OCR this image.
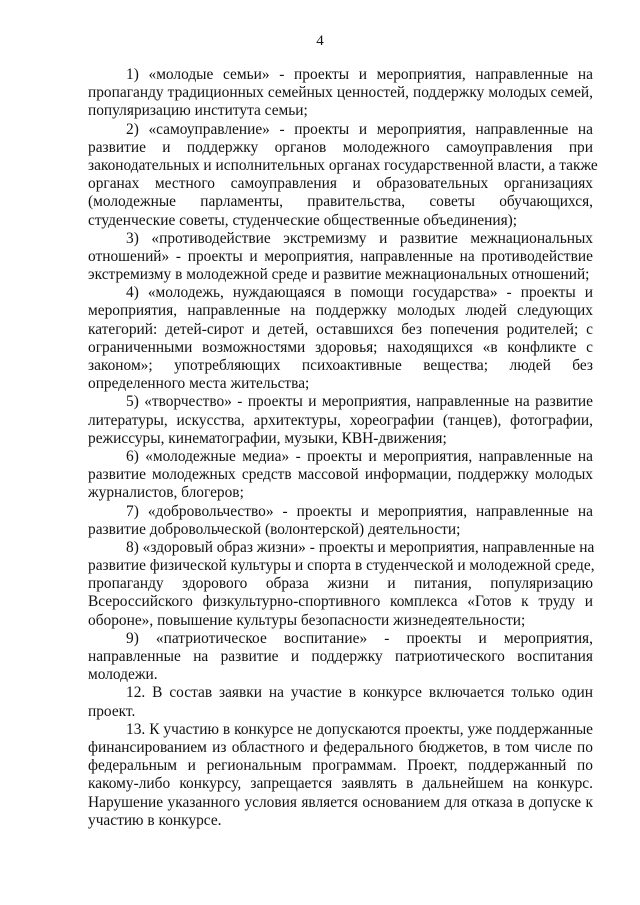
4
1) «молодые семьи» - проекты и мероприятия, направленные на
пропаганду традиционных семейных ценностей, поддержку молодых семей,
популяризацию института семьи;
2) «самоуправление» - проекты и мероприятия, направленные на
развитие и поддержку органов молодежного самоуправления при
законодательных и исполнительных органах государственной власти, а также
органах местного самоуправления и образовательных организациях
(молодежные парламенты, правительства, советы обучающихся,
студенческие советы, студенческие общественные объединения);
3) «противодействие экстремизму и развитие межнациональных
отношений» - проекты и мероприятия, направленные на противодействие
экстремизму в молодежной среде и развитие межнациональных отношений;
4) «молодежь, нуждающаяся в помощи государства» - проекты и
мероприятия, направленные на поддержку молодых людей следующих
категорий: детей-сирот и детей, оставшихся без попечения родителей; с
ограниченными возможностями здоровья; находящихся «в конфликте с
законом»; употребляющих психоактивные вещества; людей без
определенного места жительства;
5) «творчество» - проекты и мероприятия, направленные на развитие
литературы, искусства, архитектуры, хореографии (танцев), фотографии,
режиссуры, кинематографии, музыки, КВН-движения;
6) «молодежные медиа» - проекты и мероприятия, направленные на
развитие молодежных средств массовой информации, поддержку молодых
журналистов, блогеров;
7) «добровольчество» - проекты и мероприятия, направленные на
развитие добровольческой (волонтерской) деятельности;
8) «здоровый образ жизни» - проекты и мероприятия, направленные на
развитие физической культуры и спорта в студенческой и молодежной среде,
пропаганду здорового образа жизни и питания, популяризацию
Всероссийского физкультурно-спортивного комплекса «Готов к труду и
обороне», повышение культуры безопасности жизнедеятельности;
9) «патриотическое воспитание» - проекты и мероприятия,
направленные на развитие и поддержку патриотического воспитания
молодежи.
12. В состав заявки на участие в конкурсе включается только один
проект.
13. К участию в конкурсе не допускаются проекты, уже поддержанные
финансированием из областного и федерального бюджетов, в том числе по
федеральным и региональным программам. Проект, поддержанный по
какому-либо конкурсу, запрещается заявлять в дальнейшем на конкурс.
Нарушение указанного условия является основанием для отказа в допуске к
участию в конкурсе.
